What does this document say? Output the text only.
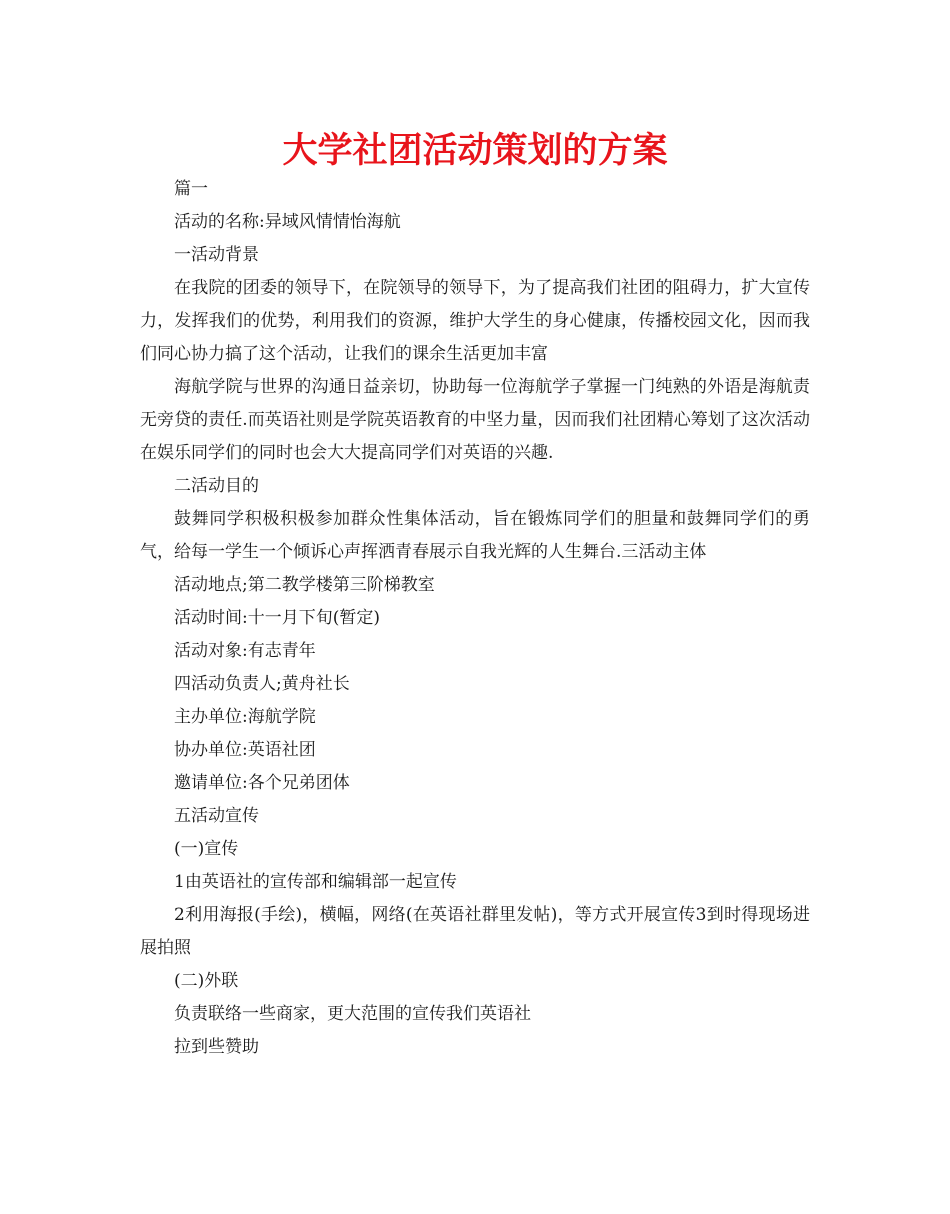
大学社团活动策划的方案

篇一

活动的名称:异域风情情怡海航

一活动背景

在我院的团委的领导下，在院领导的领导下，为了提高我们社团的阻碍力，扩大宣传力，发挥我们的优势，利用我们的资源，维护大学生的身心健康，传播校园文化，因而我们同心协力搞了这个活动，让我们的课余生活更加丰富

海航学院与世界的沟通日益亲切，协助每一位海航学子掌握一门纯熟的外语是海航责无旁贷的责任.而英语社则是学院英语教育的中坚力量，因而我们社团精心筹划了这次活动在娱乐同学们的同时也会大大提高同学们对英语的兴趣.

二活动目的

鼓舞同学积极积极参加群众性集体活动，旨在锻炼同学们的胆量和鼓舞同学们的勇气，给每一学生一个倾诉心声挥洒青春展示自我光辉的人生舞台.三活动主体

活动地点;第二教学楼第三阶梯教室

活动时间:十一月下旬(暂定)

活动对象:有志青年

四活动负责人;黄舟社长

主办单位:海航学院

协办单位:英语社团

邀请单位:各个兄弟团体

五活动宣传

(一)宣传

1由英语社的宣传部和编辑部一起宣传

2利用海报(手绘)，横幅，网络(在英语社群里发帖)，等方式开展宣传3到时得现场进展拍照

(二)外联

负责联络一些商家，更大范围的宣传我们英语社

拉到些赞助
